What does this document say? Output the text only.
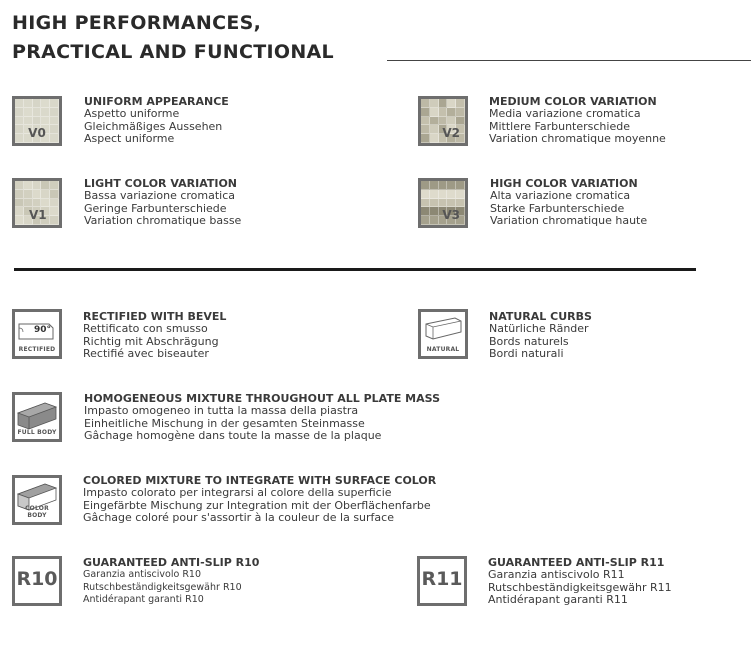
HIGH PERFORMANCES,
PRACTICAL AND FUNCTIONAL
V0
UNIFORM APPEARANCE
Aspetto uniforme
Gleichmäßiges Aussehen
Aspect uniforme	V2
MEDIUM COLOR VARIATION
Media variazione cromatica
Mittlere Farbunterschiede
Variation chromatique moyenne
V1
LIGHT COLOR VARIATION
Bassa variazione cromatica
Geringe Farbunterschiede
Variation chromatique basse	V3
HIGH COLOR VARIATION
Alta variazione cromatica
Starke Farbunterschiede
Variation chromatique haute
90°
RECTIFIED
RECTIFIED WITH BEVEL
Rettificato con smusso
Richtig mit Abschrägung
Rectifié avec biseauter	NATURAL
NATURAL CURBS
Natürliche Ränder
Bords naturels
Bordi naturali
FULL BODY
HOMOGENEOUS MIXTURE THROUGHOUT ALL PLATE MASS
Impasto omogeneo in tutta la massa della piastra
Einheitliche Mischung in der gesamten Steinmasse
Gâchage homogène dans toute la masse de la plaque
COLOR BODY
COLORED MIXTURE TO INTEGRATE WITH SURFACE COLOR
Impasto colorato per integrarsi al colore della superficie
Eingefärbte Mischung zur Integration mit der Oberflächenfarbe
Gâchage coloré pour s'assortir à la couleur de la surface
R10
GUARANTEED ANTI-SLIP R10
Garanzia antiscivolo R10
Rutschbeständigkeitsgewähr R10
Antidérapant garanti R10
R11
GUARANTEED ANTI-SLIP R11
Garanzia antiscivolo R11
Rutschbeständigkeitsgewähr R11
Antidérapant garanti R11
